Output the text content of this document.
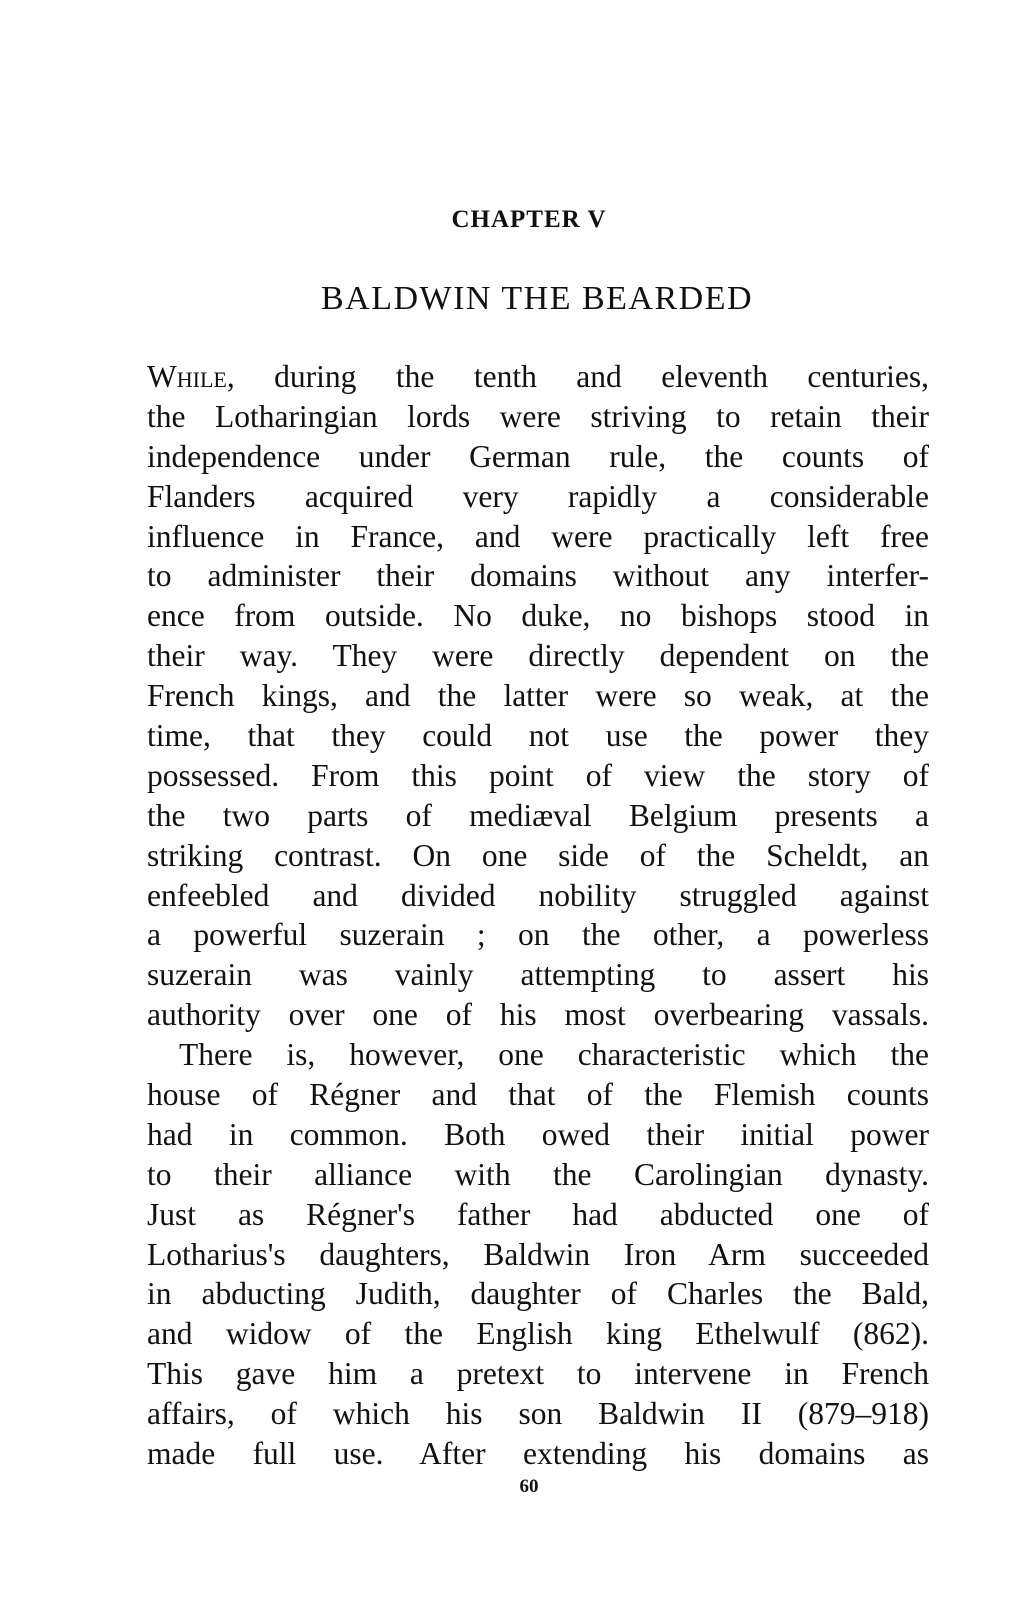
CHAPTER V
BALDWIN THE BEARDED
While, during the tenth and eleventh centuries,
the Lotharingian lords were striving to retain their
independence under German rule, the counts of
Flanders acquired very rapidly a considerable
influence in France, and were practically left free
to administer their domains without any interfer-
ence from outside. No duke, no bishops stood in
their way. They were directly dependent on the
French kings, and the latter were so weak, at the
time, that they could not use the power they
possessed. From this point of view the story of
the two parts of mediæval Belgium presents a
striking contrast. On one side of the Scheldt, an
enfeebled and divided nobility struggled against
a powerful suzerain ; on the other, a powerless
suzerain was vainly attempting to assert his
authority over one of his most overbearing vassals.
There is, however, one characteristic which the
house of Régner and that of the Flemish counts
had in common. Both owed their initial power
to their alliance with the Carolingian dynasty.
Just as Régner's father had abducted one of
Lotharius's daughters, Baldwin Iron Arm succeeded
in abducting Judith, daughter of Charles the Bald,
and widow of the English king Ethelwulf (862).
This gave him a pretext to intervene in French
affairs, of which his son Baldwin II (879–918)
made full use. After extending his domains as
60
